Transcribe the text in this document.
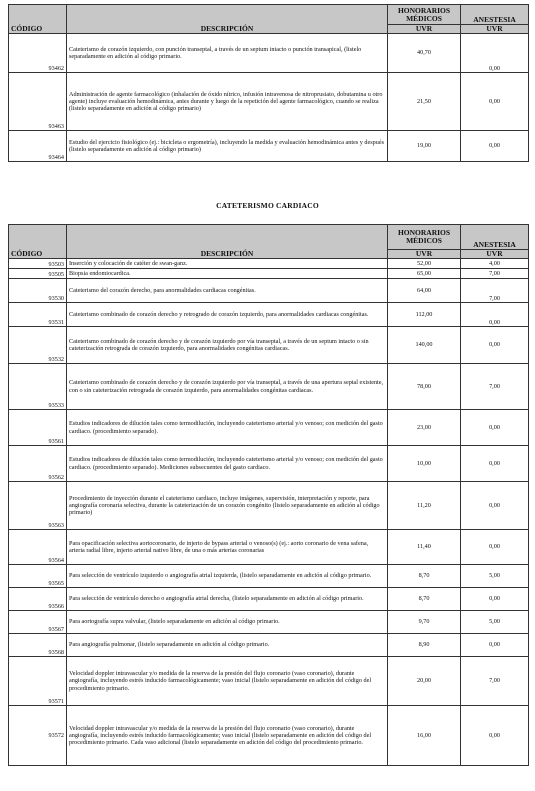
CÓDIGO	DESCRIPCIÓN	HONORARIOS MÉDICOS	ANESTESIA
		UVR	UVR
93462	Cateterismo de corazón izquierdo, con punción transeptal, a través de un septum intacto o punción transapical, (listelo separadamente en adición al código primario.	40,70	0,00
93463	Administración de agente farmacológico (inhalación de óxido nítrico, infusión intravenosa de nitroprusiato, dobutamina u otro agente) incluye evaluación hemodinámica, antes durante y luego de la repetición del agente farmacológico, cuando se realiza (listelo separadamente en adición al código primario)	21,50	0,00
93464	Estudio del ejercicio fisiológico (ej.: bicicleta o ergometría), incluyendo la medida y evaluación hemodinámica antes y después (listelo separadamente en adición al código primario)	19,00	0,00
CATETERISMO CARDIACO
CÓDIGO	DESCRIPCIÓN	HONORARIOS MÉDICOS	ANESTESIA
		UVR	UVR
93503	Inserción y colocación de catéter de swan-ganz.	52,00	4,00
93505	Biopsia endomiocardica.	65,00	7,00
93530	Cateterismo del corazón derecho, para anormalidades cardiacas congénitas.	64,00	7,00
93531	Cateterismo combinado de corazón derecho y retrogrado de corazón izquierdo, para anormalidades cardiacas congénitas.	112,00	0,00
93532	Cateterismo combinado de corazón derecho y de corazón izquierdo por vía transeptal, a través de un septum intacto o sin cateterización retrograda de corazón izquierdo, para anormalidades congénitas cardiacas.	140,00	0,00
93533	Cateterismo combinado de corazón derecho y de corazón izquierdo por vía transeptal, a través de una apertura septal existente, con o sin cateterización retrograda de corazón izquierdo, para anormalidades congénitas cardiacas.	78,00	7,00
93561	Estudios indicadores de dilución tales como termodilución, incluyendo cateterismo arterial y/o venoso; con medición del gasto cardiaco. (procedimiento separado).	23,00	0,00
93562	Estudios indicadores de dilución tales como termodilución, incluyendo cateterismo arterial y/o venoso; con medición del gasto cardiaco. (procedimiento separado). Mediciones subsecuentes del gasto cardiaco.	10,00	0,00
93563	Procedimiento de inyección durante el cateterismo cardiaco, incluye imágenes, supervisión, interpretación y reporte, para angiografía coronaria selectiva, durante la cateterización de un corazón congénito (listelo separadamente en adición al código primario)	11,20	0,00
93564	Para opacificación selectiva aortocoronario, de injerto de bypass arterial o venoso(s) (ej.: aorto coronario de vena safena, arteria radial libre, injerto arterial nativo libre, de una o más arterias coronarias	11,40	0,00
93565	Para selección de ventrículo izquierdo o angiografía atrial izquierda, (listelo separadamente en adición al código primario.	8,70	5,00
93566	Para selección de ventrículo derecho o angiografía atrial derecha, (listelo separadamente en adición al código primario.	8,70	0,00
93567	Para aortografía supra valvular, (listelo separadamente en adición al código primario.	9,70	5,00
93568	Para angiografía pulmonar, (listelo separadamente en adición al código primario.	8,90	0,00
93571	Velocidad doppler intravascular y/o medida de la reserva de la presión del flujo coronario (vaso coronario), durante angiografía, incluyendo estrés inducido farmacológicamente; vaso inicial (listelo separadamente en adición del código del procedimiento primario.	20,00	7,00
93572	Velocidad doppler intravascular y/o medida de la reserva de la presión del flujo coronario (vaso coronario), durante angiografía, incluyendo estrés inducido farmacológicamente; vaso inicial (listelo separadamente en adición del código del procedimiento primario. Cada vaso adicional (listelo separadamente en adición del código del procedimiento primario.	16,00	0,00
